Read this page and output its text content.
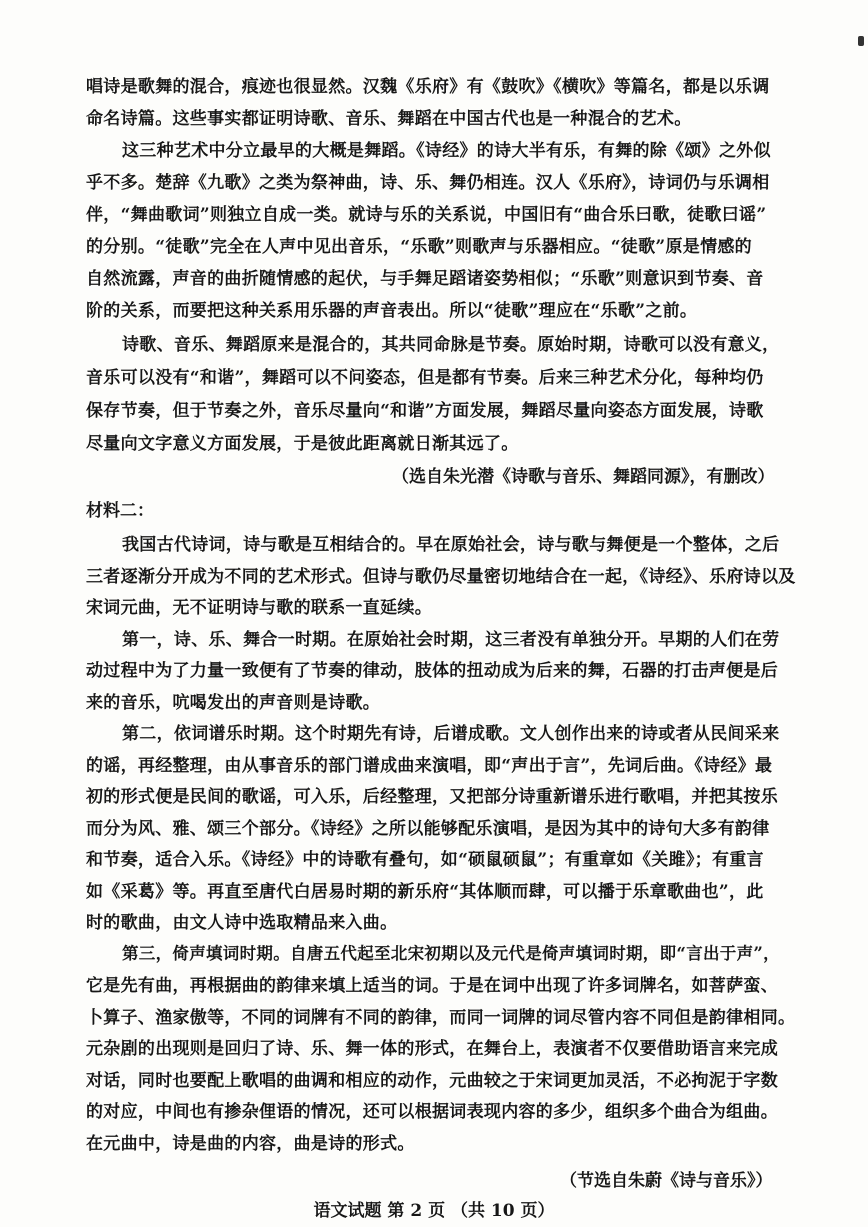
唱诗是歌舞的混合，痕迹也很显然。汉魏《乐府》有《鼓吹》《横吹》等篇名，都是以乐调
命名诗篇。这些事实都证明诗歌、音乐、舞蹈在中国古代也是一种混合的艺术。
这三种艺术中分立最早的大概是舞蹈。《诗经》的诗大半有乐，有舞的除《颂》之外似
乎不多。楚辞《九歌》之类为祭神曲，诗、乐、舞仍相连。汉人《乐府》，诗词仍与乐调相
伴，“舞曲歌词”则独立自成一类。就诗与乐的关系说，中国旧有“曲合乐曰歌，徒歌曰谣”
的分别。“徒歌”完全在人声中见出音乐，“乐歌”则歌声与乐器相应。“徒歌”原是情感的
自然流露，声音的曲折随情感的起伏，与手舞足蹈诸姿势相似；“乐歌”则意识到节奏、音
阶的关系，而要把这种关系用乐器的声音表出。所以“徒歌”理应在“乐歌”之前。
诗歌、音乐、舞蹈原来是混合的，其共同命脉是节奏。原始时期，诗歌可以没有意义，
音乐可以没有“和谐”，舞蹈可以不问姿态，但是都有节奏。后来三种艺术分化，每种均仍
保存节奏，但于节奏之外，音乐尽量向“和谐”方面发展，舞蹈尽量向姿态方面发展，诗歌
尽量向文字意义方面发展，于是彼此距离就日渐其远了。
（选自朱光潜《诗歌与音乐、舞蹈同源》，有删改）
材料二：
我国古代诗词，诗与歌是互相结合的。早在原始社会，诗与歌与舞便是一个整体，之后
三者逐渐分开成为不同的艺术形式。但诗与歌仍尽量密切地结合在一起，《诗经》、乐府诗以及
宋词元曲，无不证明诗与歌的联系一直延续。
第一，诗、乐、舞合一时期。在原始社会时期，这三者没有单独分开。早期的人们在劳
动过程中为了力量一致便有了节奏的律动，肢体的扭动成为后来的舞，石器的打击声便是后
来的音乐，吭喝发出的声音则是诗歌。
第二，依词谱乐时期。这个时期先有诗，后谱成歌。文人创作出来的诗或者从民间采来
的谣，再经整理，由从事音乐的部门谱成曲来演唱，即“声出于言”，先词后曲。《诗经》最
初的形式便是民间的歌谣，可入乐，后经整理，又把部分诗重新谱乐进行歌唱，并把其按乐
而分为风、雅、颂三个部分。《诗经》之所以能够配乐演唱，是因为其中的诗句大多有韵律
和节奏，适合入乐。《诗经》中的诗歌有叠句，如“硕鼠硕鼠”；有重章如《关雎》；有重言
如《采葛》等。再直至唐代白居易时期的新乐府“其体顺而肆，可以播于乐章歌曲也”，此
时的歌曲，由文人诗中选取精品来入曲。
第三，倚声填词时期。自唐五代起至北宋初期以及元代是倚声填词时期，即“言出于声”，
它是先有曲，再根据曲的韵律来填上适当的词。于是在词中出现了许多词牌名，如菩萨蛮、
卜算子、渔家傲等，不同的词牌有不同的韵律，而同一词牌的词尽管内容不同但是韵律相同。
元杂剧的出现则是回归了诗、乐、舞一体的形式，在舞台上，表演者不仅要借助语言来完成
对话，同时也要配上歌唱的曲调和相应的动作，元曲较之于宋词更加灵活，不必拘泥于字数
的对应，中间也有掺杂俚语的情况，还可以根据词表现内容的多少，组织多个曲合为组曲。
在元曲中，诗是曲的内容，曲是诗的形式。
语文试题 第 2 页 （共 10 页）
（节选自朱蔚《诗与音乐》）
